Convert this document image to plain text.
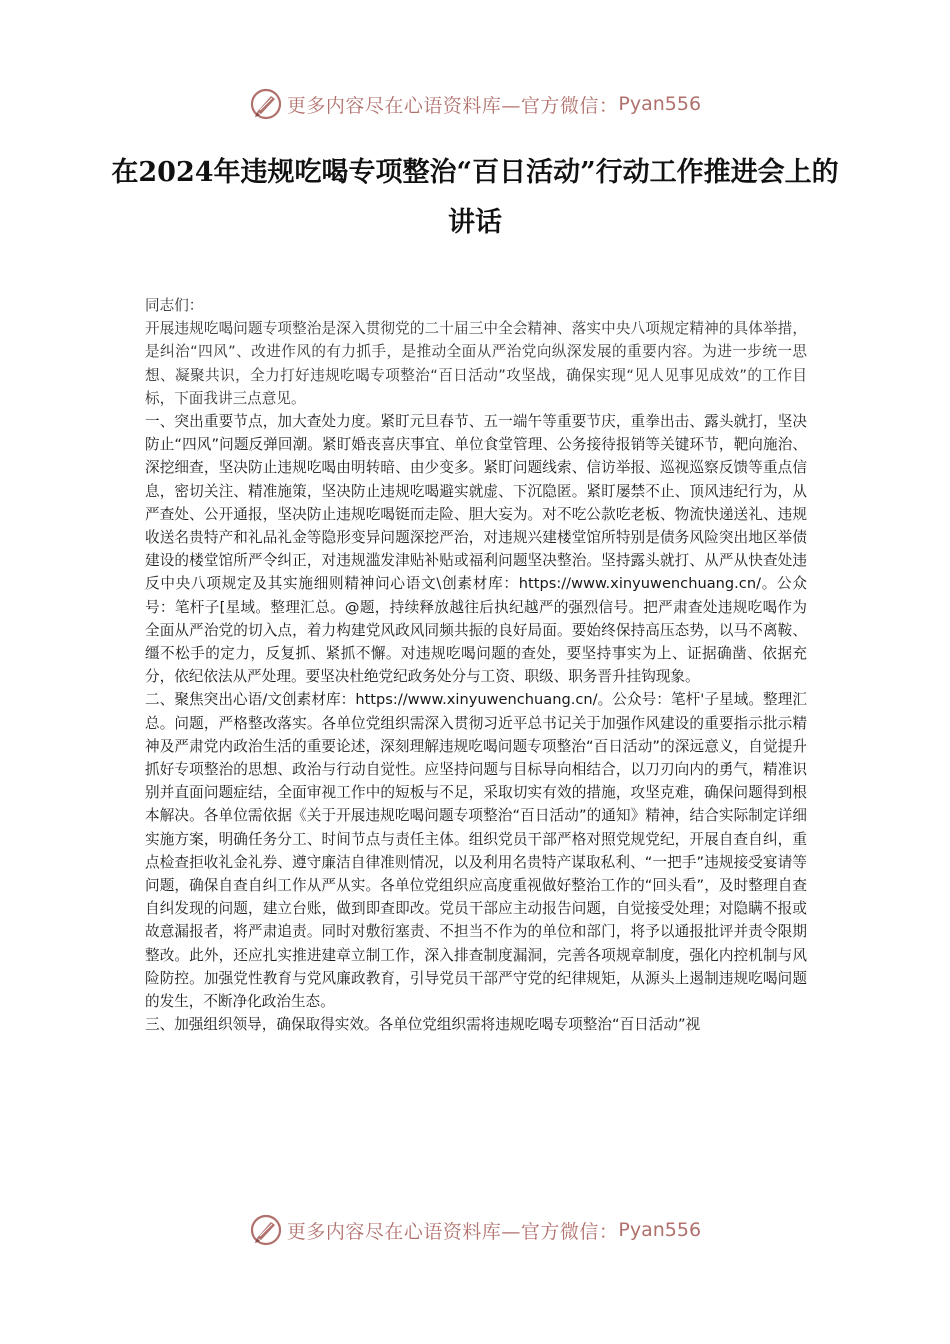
更多内容尽在心语资料库—官方微信： Pyan556
在2024年违规吃喝专项整治“百日活动”行动工作推进会上的讲话

同志们：

开展违规吃喝问题专项整治是深入贯彻党的二十届三中全会精神、落实中央八项规定精神的具体举措，是纠治“四风”、改进作风的有力抓手，是推动全面从严治党向纵深发展的重要内容。为进一步统一思想、凝聚共识，全力打好违规吃喝专项整治“百日活动”攻坚战，确保实现“见人见事见成效”的工作目标，下面我讲三点意见。

一、突出重要节点，加大查处力度。紧盯元旦春节、五一端午等重要节庆，重拳出击、露头就打，坚决防止“四风”问题反弹回潮。紧盯婚丧喜庆事宜、单位食堂管理、公务接待报销等关键环节，靶向施治、深挖细查，坚决防止违规吃喝由明转暗、由少变多。紧盯问题线索、信访举报、巡视巡察反馈等重点信息，密切关注、精准施策，坚决防止违规吃喝避实就虚、下沉隐匿。紧盯屡禁不止、顶风违纪行为，从严查处、公开通报，坚决防止违规吃喝铤而走险、胆大妄为。对不吃公款吃老板、物流快递送礼、违规收送名贵特产和礼品礼金等隐形变异问题深挖严治，对违规兴建楼堂馆所特别是债务风险突出地区举债建设的楼堂馆所严令纠正，对违规滥发津贴补贴或福利问题坚决整治。坚持露头就打、从严从快查处违反中央八项规定及其实施细则精神问心语文\创素材库：https://www.xinyuwenchuang.cn/。公众号：笔杆子[星域。整理汇总。@题，持续释放越往后执纪越严的强烈信号。把严肃查处违规吃喝作为全面从严治党的切入点，着力构建党风政风同频共振的良好局面。要始终保持高压态势，以马不离鞍、缰不松手的定力，反复抓、紧抓不懈。对违规吃喝问题的查处，要坚持事实为上、证据确凿、依据充分，依纪依法从严处理。要坚决杜绝党纪政务处分与工资、职级、职务晋升挂钩现象。

二、聚焦突出心语/文创素材库：https://www.xinyuwenchuang.cn/。公众号：笔杆'子星域。整理汇总。问题，严格整改落实。各单位党组织需深入贯彻习近平总书记关于加强作风建设的重要指示批示精神及严肃党内政治生活的重要论述，深刻理解违规吃喝问题专项整治“百日活动”的深远意义，自觉提升抓好专项整治的思想、政治与行动自觉性。应坚持问题与目标导向相结合，以刀刃向内的勇气，精准识别并直面问题症结，全面审视工作中的短板与不足，采取切实有效的措施，攻坚克难，确保问题得到根本解决。各单位需依据《关于开展违规吃喝问题专项整治“百日活动”的通知》精神，结合实际制定详细实施方案，明确任务分工、时间节点与责任主体。组织党员干部严格对照党规党纪，开展自查自纠，重点检查拒收礼金礼券、遵守廉洁自律准则情况，以及利用名贵特产谋取私利、“一把手”违规接受宴请等问题，确保自查自纠工作从严从实。各单位党组织应高度重视做好整治工作的“回头看”，及时整理自查自纠发现的问题，建立台账，做到即查即改。党员干部应主动报告问题，自觉接受处理；对隐瞒不报或故意漏报者，将严肃追责。同时对敷衍塞责、不担当不作为的单位和部门，将予以通报批评并责令限期整改。此外，还应扎实推进建章立制工作，深入排查制度漏洞，完善各项规章制度，强化内控机制与风险防控。加强党性教育与党风廉政教育，引导党员干部严守党的纪律规矩，从源头上遏制违规吃喝问题的发生，不断净化政治生态。

三、加强组织领导，确保取得实效。各单位党组织需将违规吃喝专项整治“百日活动”视

更多内容尽在心语资料库—官方微信： Pyan556
